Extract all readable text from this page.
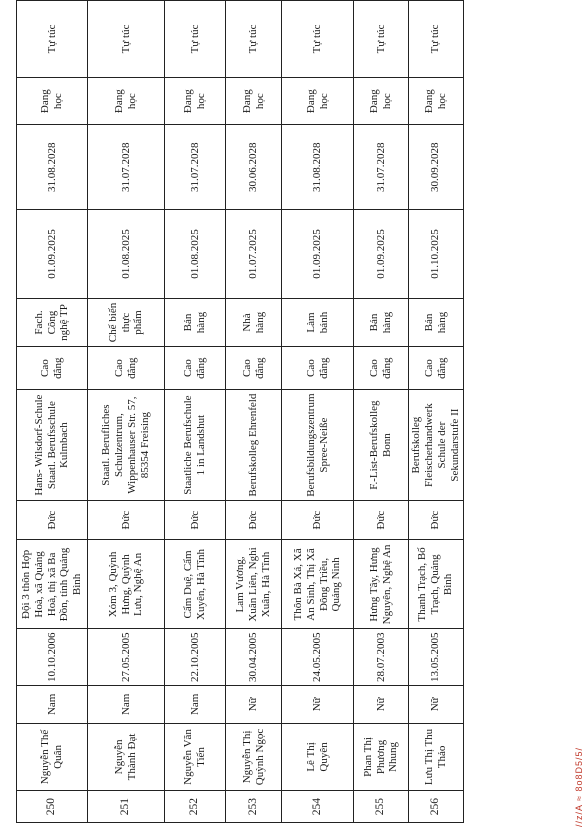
250	Nguyễn Thế Quân	Nam	10.10.2006	Đội 3 thôn Hợp Hoà, xã Quảng Hoà, thị xã Ba Đồn, tỉnh Quảng Bình	Đức	Hans- Wilsdorf-Schule Staatl. Berufsschule Kulmbach	Cao đẳng	Fach. Công nghệ TP	01.09.2025	31.08.2028	Đang học	Tự túc
251	Nguyễn Thành Đạt	Nam	27.05.2005	Xóm 3, Quỳnh Hưng, Quỳnh Lưu, Nghệ An	Đức	Staatl. Berufliches Schulzentrum, Wippenhauser Str. 57, 85354 Freising	Cao đẳng	Chế biến thực phẩm	01.08.2025	31.07.2028	Đang học	Tự túc
252	Nguyễn Văn Tiến	Nam	22.10.2005	Cẩm Duệ, Cẩm Xuyên, Hà Tĩnh	Đức	Staatliche Berufschule 1 in Landshut	Cao đẳng	Bán hàng	01.08.2025	31.07.2028	Đang học	Tự túc
253	Nguyễn Thị Quỳnh Ngọc	Nữ	30.04.2005	Lam Vương, Xuân Liên, Nghi Xuân, Hà Tĩnh	Đức	Berufskolleg Ehrenfeld	Cao đẳng	Nhà hàng	01.07.2025	30.06.2028	Đang học	Tự túc
254	Lê Thị Quyên	Nữ	24.05.2005	Thôn Bà Xá, Xã An Sinh, Thị Xã Đông Triều, Quảng Ninh	Đức	Berufsbildungszentrum Spree-Neiße	Cao đẳng	Làm bánh	01.09.2025	31.08.2028	Đang học	Tự túc
255	Phan Thị Phương Nhung	Nữ	28.07.2003	Hưng Tây, Hưng Nguyên, Nghệ An	Đức	F.-List-Berufskolleg Bonn	Cao đẳng	Bán hàng	01.09.2025	31.07.2028	Đang học	Tự túc
256	Lưu Thị Thu Thảo	Nữ	13.05.2005	Thanh Trạch, Bố Trạch, Quảng Bình	Đức	Berufskolleg Fleischerhandwerk Schule der Sekundarstufe II	Cao đẳng	Bán hàng	01.10.2025	30.09.2028	Đang học	Tự túc
//z/A ≈ 8o8D5/5/
